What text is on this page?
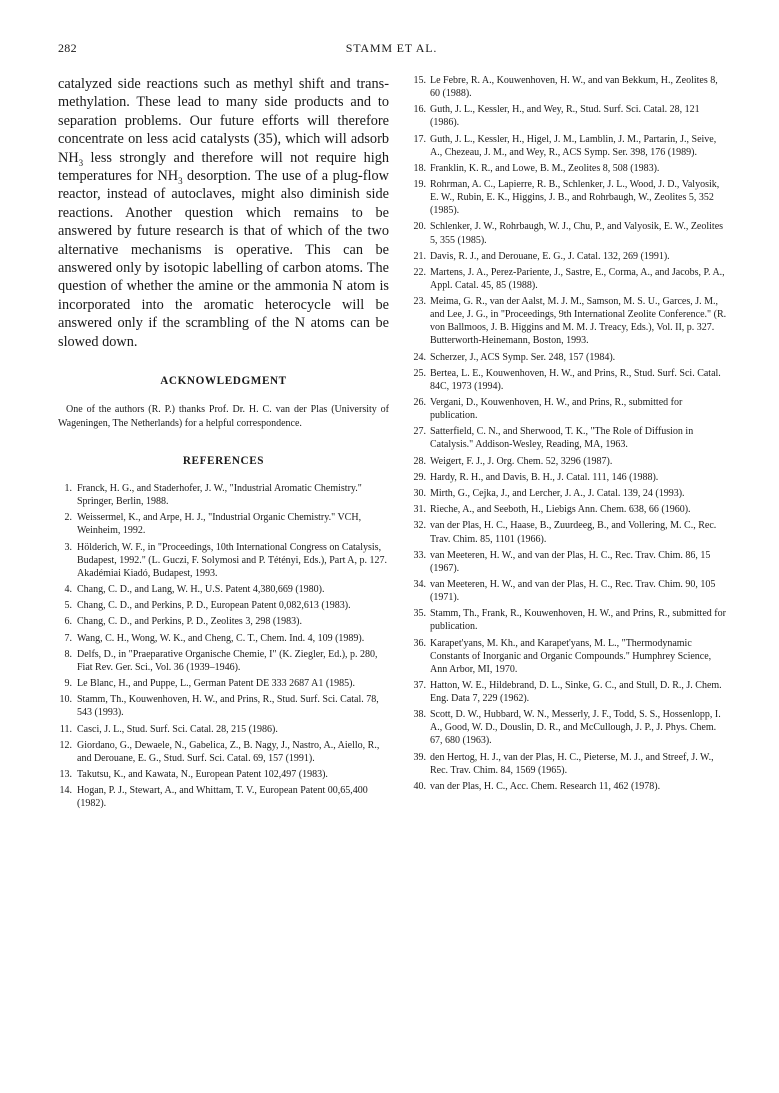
282	STAMM ET AL.

catalyzed side reactions such as methyl shift and trans-methylation. These lead to many side products and to separation problems. Our future efforts will therefore concentrate on less acid catalysts (35), which will adsorb $NH_3$ less strongly and therefore will not require high temperatures for $NH_3$ desorption. The use of a plug-flow reactor, instead of autoclaves, might also diminish side reactions. Another question which remains to be answered by future research is that of which of the two alternative mechanisms is operative. This can be answered only by isotopic labelling of carbon atoms. The question of whether the amine or the ammonia N atom is incorporated into the aromatic heterocycle will be answered only if the scrambling of the N atoms can be slowed down.

ACKNOWLEDGMENT

One of the authors (R. P.) thanks Prof. Dr. H. C. van der Plas (University of Wageningen, The Netherlands) for a helpful correspondence.

REFERENCES
1. Franck, H. G., and Staderhofer, J. W., "Industrial Aromatic Chemistry." Springer, Berlin, 1988.
2. Weissermel, K., and Arpe, H. J., "Industrial Organic Chemistry." VCH, Weinheim, 1992.
3. Hölderich, W. F., in "Proceedings, 10th International Congress on Catalysis, Budapest, 1992." (L. Guczi, F. Solymosi and P. Tétényi, Eds.), Part A, p. 127. Akadémiai Kiadó, Budapest, 1993.
4. Chang, C. D., and Lang, W. H., U.S. Patent 4,380,669 (1980).
5. Chang, C. D., and Perkins, P. D., European Patent 0,082,613 (1983).
6. Chang, C. D., and Perkins, P. D., Zeolites 3, 298 (1983).
7. Wang, C. H., Wong, W. K., and Cheng, C. T., Chem. Ind. 4, 109 (1989).
8. Delfs, D., in "Praeparative Organische Chemie, I" (K. Ziegler, Ed.), p. 280, Fiat Rev. Ger. Sci., Vol. 36 (1939–1946).
9. Le Blanc, H., and Puppe, L., German Patent DE 333 2687 A1 (1985).
10. Stamm, Th., Kouwenhoven, H. W., and Prins, R., Stud. Surf. Sci. Catal. 78, 543 (1993).
11. Casci, J. L., Stud. Surf. Sci. Catal. 28, 215 (1986).
12. Giordano, G., Dewaele, N., Gabelica, Z., B. Nagy, J., Nastro, A., Aiello, R., and Derouane, E. G., Stud. Surf. Sci. Catal. 69, 157 (1991).
13. Takutsu, K., and Kawata, N., European Patent 102,497 (1983).
14. Hogan, P. J., Stewart, A., and Whittam, T. V., European Patent 00,65,400 (1982).
15. Le Febre, R. A., Kouwenhoven, H. W., and van Bekkum, H., Zeolites 8, 60 (1988).
16. Guth, J. L., Kessler, H., and Wey, R., Stud. Surf. Sci. Catal. 28, 121 (1986).
17. Guth, J. L., Kessler, H., Higel, J. M., Lamblin, J. M., Partarin, J., Seive, A., Chezeau, J. M., and Wey, R., ACS Symp. Ser. 398, 176 (1989).
18. Franklin, K. R., and Lowe, B. M., Zeolites 8, 508 (1983).
19. Rohrman, A. C., Lapierre, R. B., Schlenker, J. L., Wood, J. D., Valyosik, E. W., Rubin, E. K., Higgins, J. B., and Rohrbaugh, W., Zeolites 5, 352 (1985).
20. Schlenker, J. W., Rohrbaugh, W. J., Chu, P., and Valyosik, E. W., Zeolites 5, 355 (1985).
21. Davis, R. J., and Derouane, E. G., J. Catal. 132, 269 (1991).
22. Martens, J. A., Perez-Pariente, J., Sastre, E., Corma, A., and Jacobs, P. A., Appl. Catal. 45, 85 (1988).
23. Meima, G. R., van der Aalst, M. J. M., Samson, M. S. U., Garces, J. M., and Lee, J. G., in "Proceedings, 9th International Zeolite Conference." (R. von Ballmoos, J. B. Higgins and M. M. J. Treacy, Eds.), Vol. II, p. 327. Butterworth-Heinemann, Boston, 1993.
24. Scherzer, J., ACS Symp. Ser. 248, 157 (1984).
25. Bertea, L. E., Kouwenhoven, H. W., and Prins, R., Stud. Surf. Sci. Catal. 84C, 1973 (1994).
26. Vergani, D., Kouwenhoven, H. W., and Prins, R., submitted for publication.
27. Satterfield, C. N., and Sherwood, T. K., "The Role of Diffusion in Catalysis." Addison-Wesley, Reading, MA, 1963.
28. Weigert, F. J., J. Org. Chem. 52, 3296 (1987).
29. Hardy, R. H., and Davis, B. H., J. Catal. 111, 146 (1988).
30. Mirth, G., Cejka, J., and Lercher, J. A., J. Catal. 139, 24 (1993).
31. Rieche, A., and Seeboth, H., Liebigs Ann. Chem. 638, 66 (1960).
32. van der Plas, H. C., Haase, B., Zuurdeeg, B., and Vollering, M. C., Rec. Trav. Chim. 85, 1101 (1966).
33. van Meeteren, H. W., and van der Plas, H. C., Rec. Trav. Chim. 86, 15 (1967).
34. van Meeteren, H. W., and van der Plas, H. C., Rec. Trav. Chim. 90, 105 (1971).
35. Stamm, Th., Frank, R., Kouwenhoven, H. W., and Prins, R., submitted for publication.
36. Karapet'yans, M. Kh., and Karapet'yans, M. L., "Thermodynamic Constants of Inorganic and Organic Compounds." Humphrey Science, Ann Arbor, MI, 1970.
37. Hatton, W. E., Hildebrand, D. L., Sinke, G. C., and Stull, D. R., J. Chem. Eng. Data 7, 229 (1962).
38. Scott, D. W., Hubbard, W. N., Messerly, J. F., Todd, S. S., Hossenlopp, I. A., Good, W. D., Douslin, D. R., and McCullough, J. P., J. Phys. Chem. 67, 680 (1963).
39. den Hertog, H. J., van der Plas, H. C., Pieterse, M. J., and Streef, J. W., Rec. Trav. Chim. 84, 1569 (1965).
40. van der Plas, H. C., Acc. Chem. Research 11, 462 (1978).
